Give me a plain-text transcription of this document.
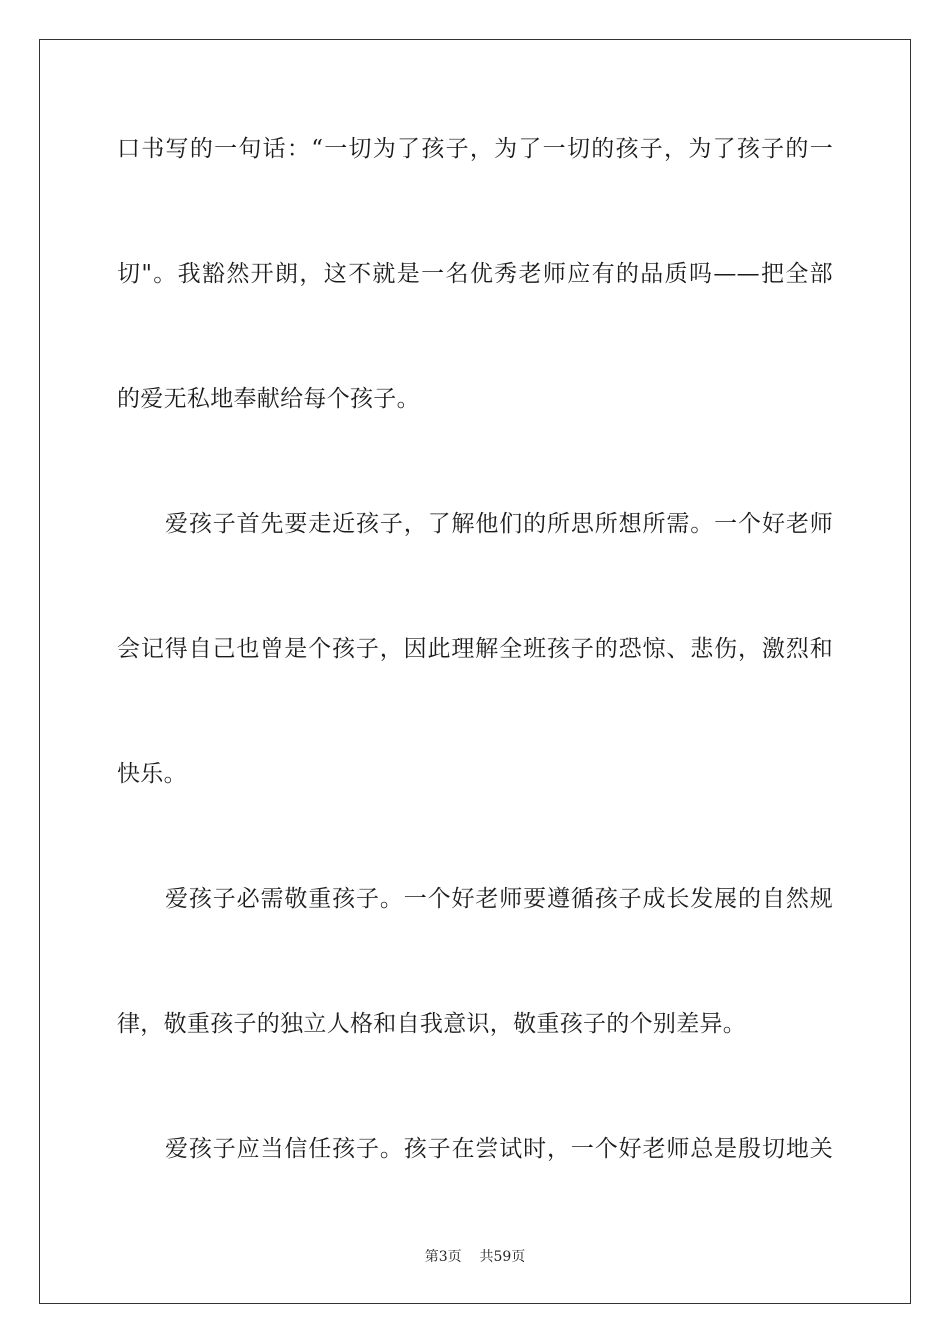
口书写的一句话：“一切为了孩子，为了一切的孩子，为了孩子的一
切"。我豁然开朗，这不就是一名优秀老师应有的品质吗——把全部
的爱无私地奉献给每个孩子。
爱孩子首先要走近孩子，了解他们的所思所想所需。一个好老师
会记得自己也曾是个孩子，因此理解全班孩子的恐惊、悲伤，激烈和
快乐。
爱孩子必需敬重孩子。一个好老师要遵循孩子成长发展的自然规
律，敬重孩子的独立人格和自我意识，敬重孩子的个别差异。
爱孩子应当信任孩子。孩子在尝试时，一个好老师总是殷切地关
第3页 共59页
